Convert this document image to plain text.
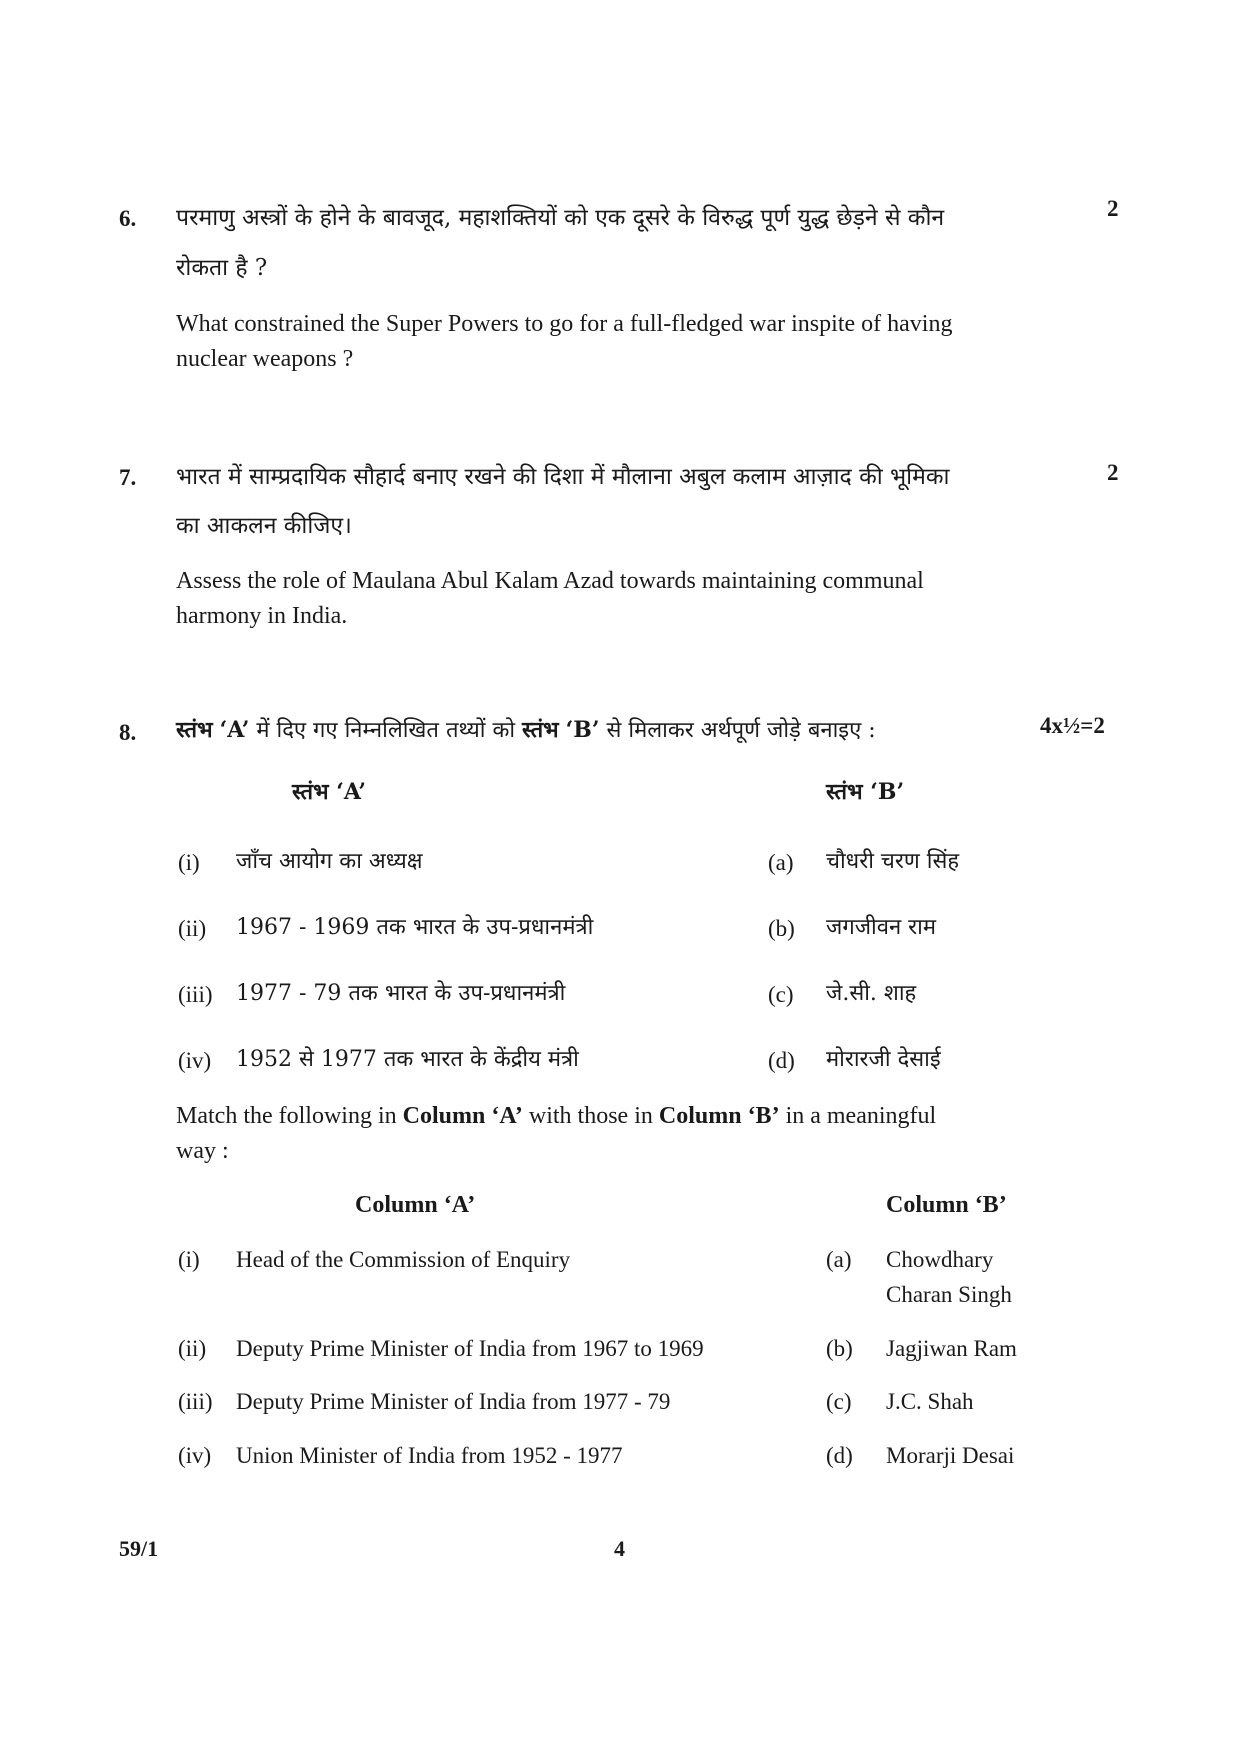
6.	2
परमाणु अस्त्रों के होने के बावजूद, महाशक्तियों को एक दूसरे के विरुद्ध पूर्ण युद्ध छेड़ने से कौन
रोकता है ?
What constrained the Super Powers to go for a full-fledged war inspite of having
nuclear weapons ?
7.	2
भारत में साम्प्रदायिक सौहार्द बनाए रखने की दिशा में मौलाना अबुल कलाम आज़ाद की भूमिका
का आकलन कीजिए।
Assess the role of Maulana Abul Kalam Azad towards maintaining communal
harmony in India.
8.	4x½=2
स्तंभ ‘A’ में दिए गए निम्नलिखित तथ्यों को स्तंभ ‘B’ से मिलाकर अर्थपूर्ण जोड़े बनाइए :
स्तंभ ‘A’	स्तंभ ‘B’
(i) जाँच आयोग का अध्यक्ष	(a) चौधरी चरण सिंह
(ii) 1967 - 1969 तक भारत के उप-प्रधानमंत्री	(b) जगजीवन राम
(iii) 1977 - 79 तक भारत के उप-प्रधानमंत्री	(c) जे.सी. शाह
(iv) 1952 से 1977 तक भारत के केंद्रीय मंत्री	(d) मोरारजी देसाई
Match the following in Column ‘A’ with those in Column ‘B’ in a meaningful
way :
Column ‘A’	Column ‘B’
(i) Head of the Commission of Enquiry	(a) Chowdhary
Charan Singh
(ii) Deputy Prime Minister of India from 1967 to 1969	(b) Jagjiwan Ram
(iii) Deputy Prime Minister of India from 1977 - 79	(c) J.C. Shah
(iv) Union Minister of India from 1952 - 1977	(d) Morarji Desai
59/1	4
